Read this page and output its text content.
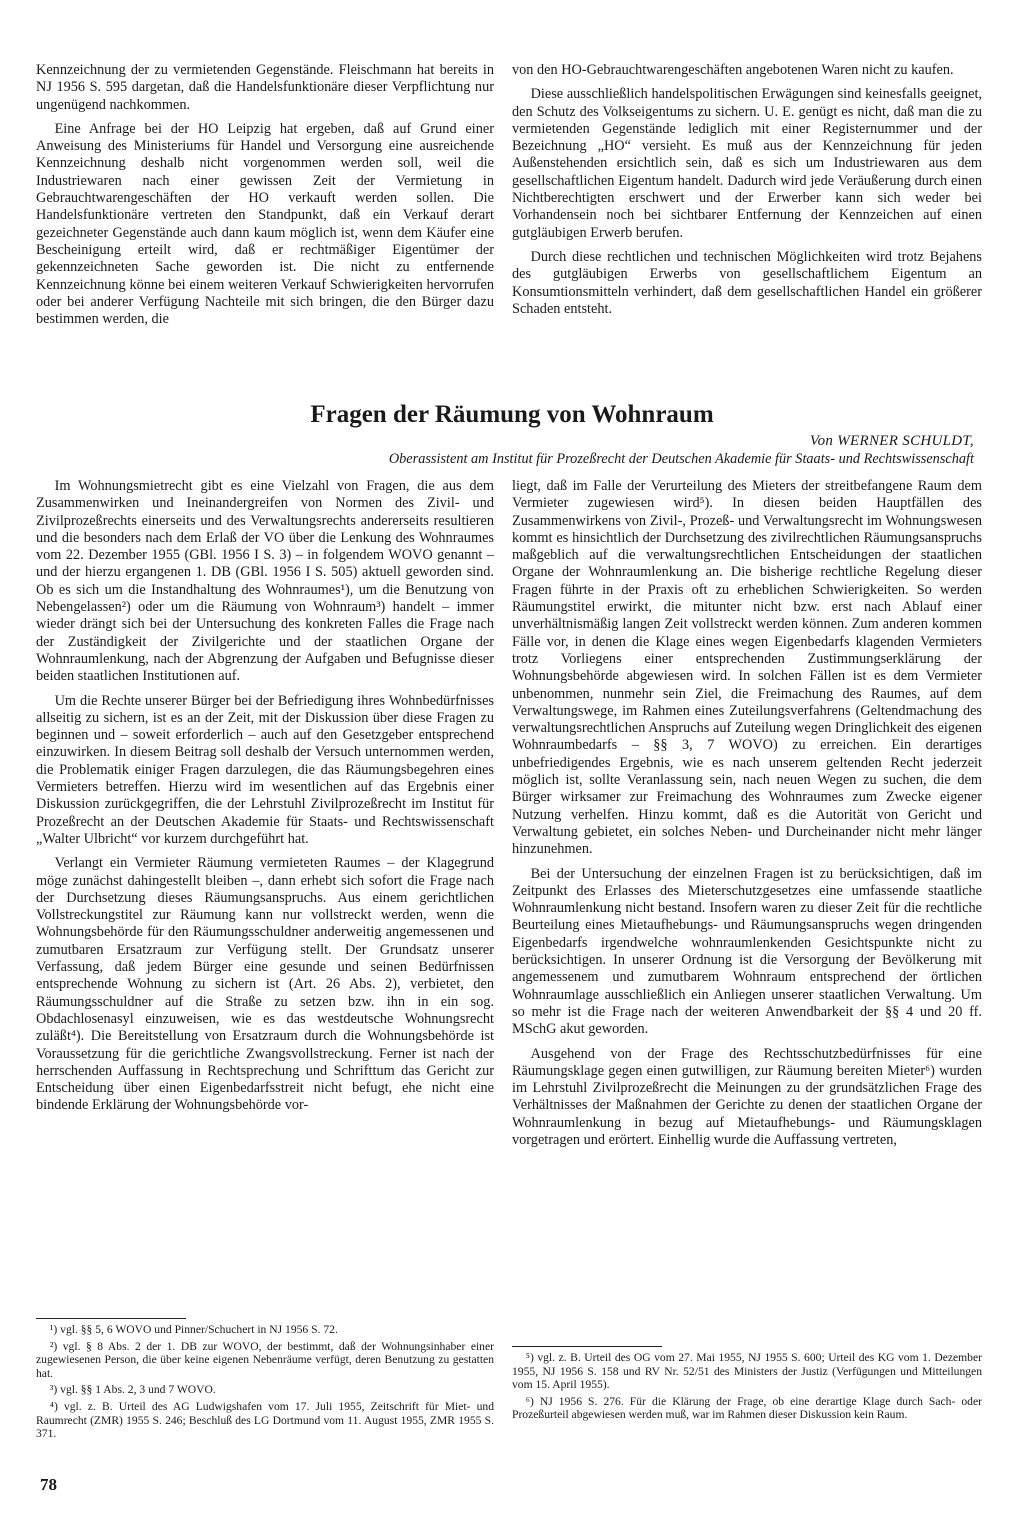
Kennzeichnung der zu vermietenden Gegenstände. Fleischmann hat bereits in NJ 1956 S. 595 dargetan, daß die Handelsfunktionäre dieser Verpflichtung nur ungenügend nachkommen.

Eine Anfrage bei der HO Leipzig hat ergeben, daß auf Grund einer Anweisung des Ministeriums für Handel und Versorgung eine ausreichende Kennzeichnung deshalb nicht vorgenommen werden soll, weil die Industriewaren nach einer gewissen Zeit der Vermietung in Gebrauchtwarengeschäften der HO verkauft werden sollen. Die Handelsfunktionäre vertreten den Standpunkt, daß ein Verkauf derart gezeichneter Gegenstände auch dann kaum möglich ist, wenn dem Käufer eine Bescheinigung erteilt wird, daß er rechtmäßiger Eigentümer der gekennzeichneten Sache geworden ist. Die nicht zu entfernende Kennzeichnung könne bei einem weiteren Verkauf Schwierigkeiten hervorrufen oder bei anderer Verfügung Nachteile mit sich bringen, die den Bürger dazu bestimmen werden, die

von den HO-Gebrauchtwarengeschäften angebotenen Waren nicht zu kaufen.

Diese ausschließlich handelspolitischen Erwägungen sind keinesfalls geeignet, den Schutz des Volkseigentums zu sichern. U. E. genügt es nicht, daß man die zu vermietenden Gegenstände lediglich mit einer Registernummer und der Bezeichnung „HO“ versieht. Es muß aus der Kennzeichnung für jeden Außenstehenden ersichtlich sein, daß es sich um Industriewaren aus dem gesellschaftlichen Eigentum handelt. Dadurch wird jede Veräußerung durch einen Nichtberechtigten erschwert und der Erwerber kann sich weder bei Vorhandensein noch bei sichtbarer Entfernung der Kennzeichen auf einen gutgläubigen Erwerb berufen.

Durch diese rechtlichen und technischen Möglichkeiten wird trotz Bejahens des gutgläubigen Erwerbs von gesellschaftlichem Eigentum an Konsumtionsmitteln verhindert, daß dem gesellschaftlichen Handel ein größerer Schaden entsteht.

Fragen der Räumung von Wohnraum
Von WERNER SCHULDT,
Oberassistent am Institut für Prozeßrecht der Deutschen Akademie für Staats- und Rechtswissenschaft

Im Wohnungsmietrecht gibt es eine Vielzahl von Fragen, die aus dem Zusammenwirken und Ineinandergreifen von Normen des Zivil- und Zivilprozeßrechts einerseits und des Verwaltungsrechts andererseits resultieren und die besonders nach dem Erlaß der VO über die Lenkung des Wohnraumes vom 22. Dezember 1955 (GBl. 1956 I S. 3) – in folgendem WOVO genannt – und der hierzu ergangenen 1. DB (GBl. 1956 I S. 505) aktuell geworden sind. Ob es sich um die Instandhaltung des Wohnraumes¹), um die Benutzung von Nebengelassen²) oder um die Räumung von Wohnraum³) handelt – immer wieder drängt sich bei der Untersuchung des konkreten Falles die Frage nach der Zuständigkeit der Zivilgerichte und der staatlichen Organe der Wohnraumlenkung, nach der Abgrenzung der Aufgaben und Befugnisse dieser beiden staatlichen Institutionen auf.

Um die Rechte unserer Bürger bei der Befriedigung ihres Wohnbedürfnisses allseitig zu sichern, ist es an der Zeit, mit der Diskussion über diese Fragen zu beginnen und – soweit erforderlich – auch auf den Gesetzgeber entsprechend einzuwirken. In diesem Beitrag soll deshalb der Versuch unternommen werden, die Problematik einiger Fragen darzulegen, die das Räumungsbegehren eines Vermieters betreffen. Hierzu wird im wesentlichen auf das Ergebnis einer Diskussion zurückgegriffen, die der Lehrstuhl Zivilprozeßrecht im Institut für Prozeßrecht an der Deutschen Akademie für Staats- und Rechtswissenschaft „Walter Ulbricht“ vor kurzem durchgeführt hat.

Verlangt ein Vermieter Räumung vermieteten Raumes – der Klagegrund möge zunächst dahingestellt bleiben –, dann erhebt sich sofort die Frage nach der Durchsetzung dieses Räumungsanspruchs. Aus einem gerichtlichen Vollstreckungstitel zur Räumung kann nur vollstreckt werden, wenn die Wohnungsbehörde für den Räumungsschuldner anderweitig angemessenen und zumutbaren Ersatzraum zur Verfügung stellt. Der Grundsatz unserer Verfassung, daß jedem Bürger eine gesunde und seinen Bedürfnissen entsprechende Wohnung zu sichern ist (Art. 26 Abs. 2), verbietet, den Räumungsschuldner auf die Straße zu setzen bzw. ihn in ein sog. Obdachlosenasyl einzuweisen, wie es das westdeutsche Wohnungsrecht zuläßt⁴). Die Bereitstellung von Ersatzraum durch die Wohnungsbehörde ist Voraussetzung für die gerichtliche Zwangsvollstreckung. Ferner ist nach der herrschenden Auffassung in Rechtsprechung und Schrifttum das Gericht zur Entscheidung über einen Eigenbedarfsstreit nicht befugt, ehe nicht eine bindende Erklärung der Wohnungsbehörde vor-

liegt, daß im Falle der Verurteilung des Mieters der streitbefangene Raum dem Vermieter zugewiesen wird⁵). In diesen beiden Hauptfällen des Zusammenwirkens von Zivil-, Prozeß- und Verwaltungsrecht im Wohnungswesen kommt es hinsichtlich der Durchsetzung des zivilrechtlichen Räumungsanspruchs maßgeblich auf die verwaltungsrechtlichen Entscheidungen der staatlichen Organe der Wohnraumlenkung an. Die bisherige rechtliche Regelung dieser Fragen führte in der Praxis oft zu erheblichen Schwierigkeiten. So werden Räumungstitel erwirkt, die mitunter nicht bzw. erst nach Ablauf einer unverhältnismäßig langen Zeit vollstreckt werden können. Zum anderen kommen Fälle vor, in denen die Klage eines wegen Eigenbedarfs klagenden Vermieters trotz Vorliegens einer entsprechenden Zustimmungserklärung der Wohnungsbehörde abgewiesen wird. In solchen Fällen ist es dem Vermieter unbenommen, nunmehr sein Ziel, die Freimachung des Raumes, auf dem Verwaltungswege, im Rahmen eines Zuteilungsverfahrens (Geltendmachung des verwaltungsrechtlichen Anspruchs auf Zuteilung wegen Dringlichkeit des eigenen Wohnraumbedarfs – §§ 3, 7 WOVO) zu erreichen. Ein derartiges unbefriedigendes Ergebnis, wie es nach unserem geltenden Recht jederzeit möglich ist, sollte Veranlassung sein, nach neuen Wegen zu suchen, die dem Bürger wirksamer zur Freimachung des Wohnraumes zum Zwecke eigener Nutzung verhelfen. Hinzu kommt, daß es die Autorität von Gericht und Verwaltung gebietet, ein solches Neben- und Durcheinander nicht mehr länger hinzunehmen.

Bei der Untersuchung der einzelnen Fragen ist zu berücksichtigen, daß im Zeitpunkt des Erlasses des Mieterschutzgesetzes eine umfassende staatliche Wohnraumlenkung nicht bestand. Insofern waren zu dieser Zeit für die rechtliche Beurteilung eines Mietaufhebungs- und Räumungsanspruchs wegen dringenden Eigenbedarfs irgendwelche wohnraumlenkenden Gesichtspunkte nicht zu berücksichtigen. In unserer Ordnung ist die Versorgung der Bevölkerung mit angemessenem und zumutbarem Wohnraum entsprechend der örtlichen Wohnraumlage ausschließlich ein Anliegen unserer staatlichen Verwaltung. Um so mehr ist die Frage nach der weiteren Anwendbarkeit der §§ 4 und 20 ff. MSchG akut geworden.

Ausgehend von der Frage des Rechtsschutzbedürfnisses für eine Räumungsklage gegen einen gutwilligen, zur Räumung bereiten Mieter⁶) wurden im Lehrstuhl Zivilprozeßrecht die Meinungen zu der grundsätzlichen Frage des Verhältnisses der Maßnahmen der Gerichte zu denen der staatlichen Organe der Wohnraumlenkung in bezug auf Mietaufhebungs- und Räumungsklagen vorgetragen und erörtert. Einhellig wurde die Auffassung vertreten,

¹) vgl. §§ 5, 6 WOVO und Pinner/Schuchert in NJ 1956 S. 72.

²) vgl. § 8 Abs. 2 der 1. DB zur WOVO, der bestimmt, daß der Wohnungsinhaber einer zugewiesenen Person, die über keine eigenen Nebenräume verfügt, deren Benutzung zu gestatten hat.

³) vgl. §§ 1 Abs. 2, 3 und 7 WOVO.

⁴) vgl. z. B. Urteil des AG Ludwigshafen vom 17. Juli 1955, Zeitschrift für Miet- und Raumrecht (ZMR) 1955 S. 246; Beschluß des LG Dortmund vom 11. August 1955, ZMR 1955 S. 371.

⁵) vgl. z. B. Urteil des OG vom 27. Mai 1955, NJ 1955 S. 600; Urteil des KG vom 1. Dezember 1955, NJ 1956 S. 158 und RV Nr. 52/51 des Ministers der Justiz (Verfügungen und Mitteilungen vom 15. April 1955).

⁶) NJ 1956 S. 276. Für die Klärung der Frage, ob eine derartige Klage durch Sach- oder Prozeßurteil abgewiesen werden muß, war im Rahmen dieser Diskussion kein Raum.

78
